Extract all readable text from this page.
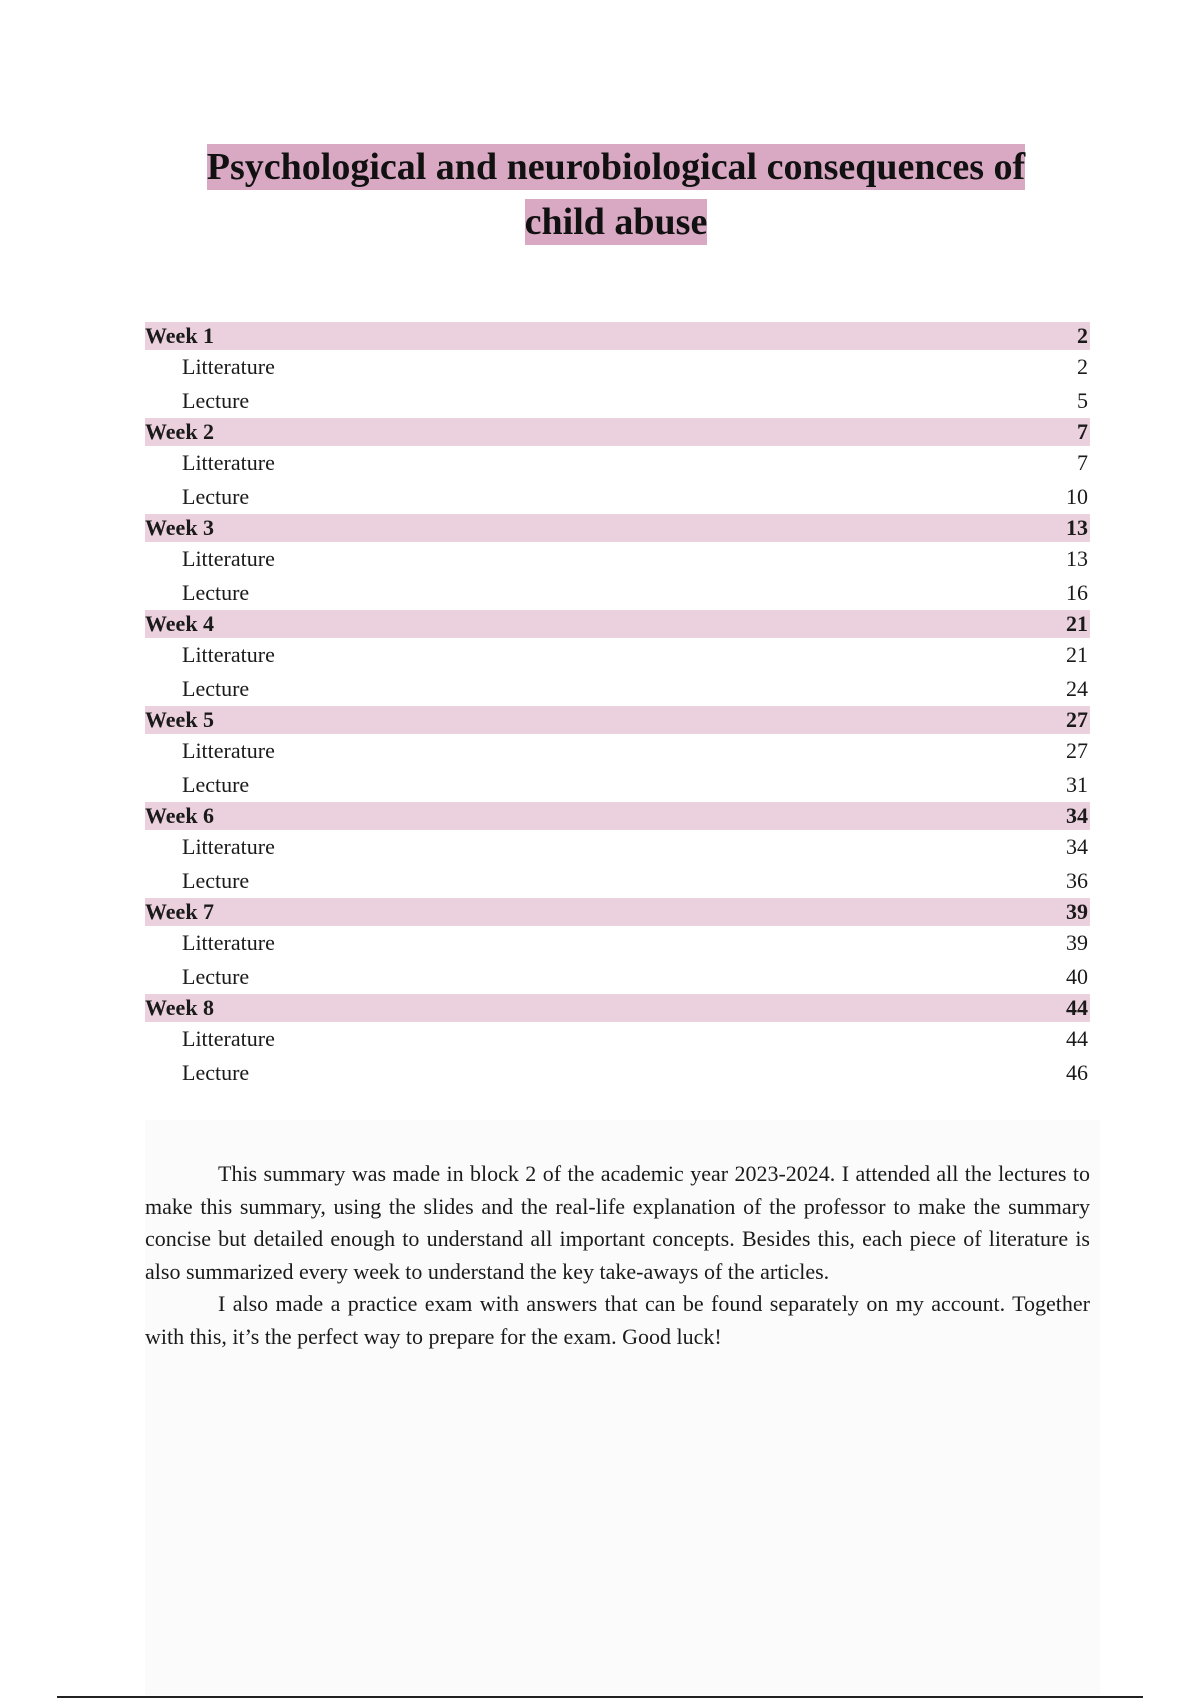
Psychological and neurobiological consequences of
child abuse
Week 1	2
Litterature	2
Lecture	5
Week 2	7
Litterature	7
Lecture	10
Week 3	13
Litterature	13
Lecture	16
Week 4	21
Litterature	21
Lecture	24
Week 5	27
Litterature	27
Lecture	31
Week 6	34
Litterature	34
Lecture	36
Week 7	39
Litterature	39
Lecture	40
Week 8	44
Litterature	44
Lecture	46

This summary was made in block 2 of the academic year 2023-2024. I attended all the lectures to make this summary, using the slides and the real-life explanation of the professor to make the summary concise but detailed enough to understand all important concepts. Besides this, each piece of literature is also summarized every week to understand the key take-aways of the articles.

I also made a practice exam with answers that can be found separately on my account. Together with this, it’s the perfect way to prepare for the exam. Good luck!
